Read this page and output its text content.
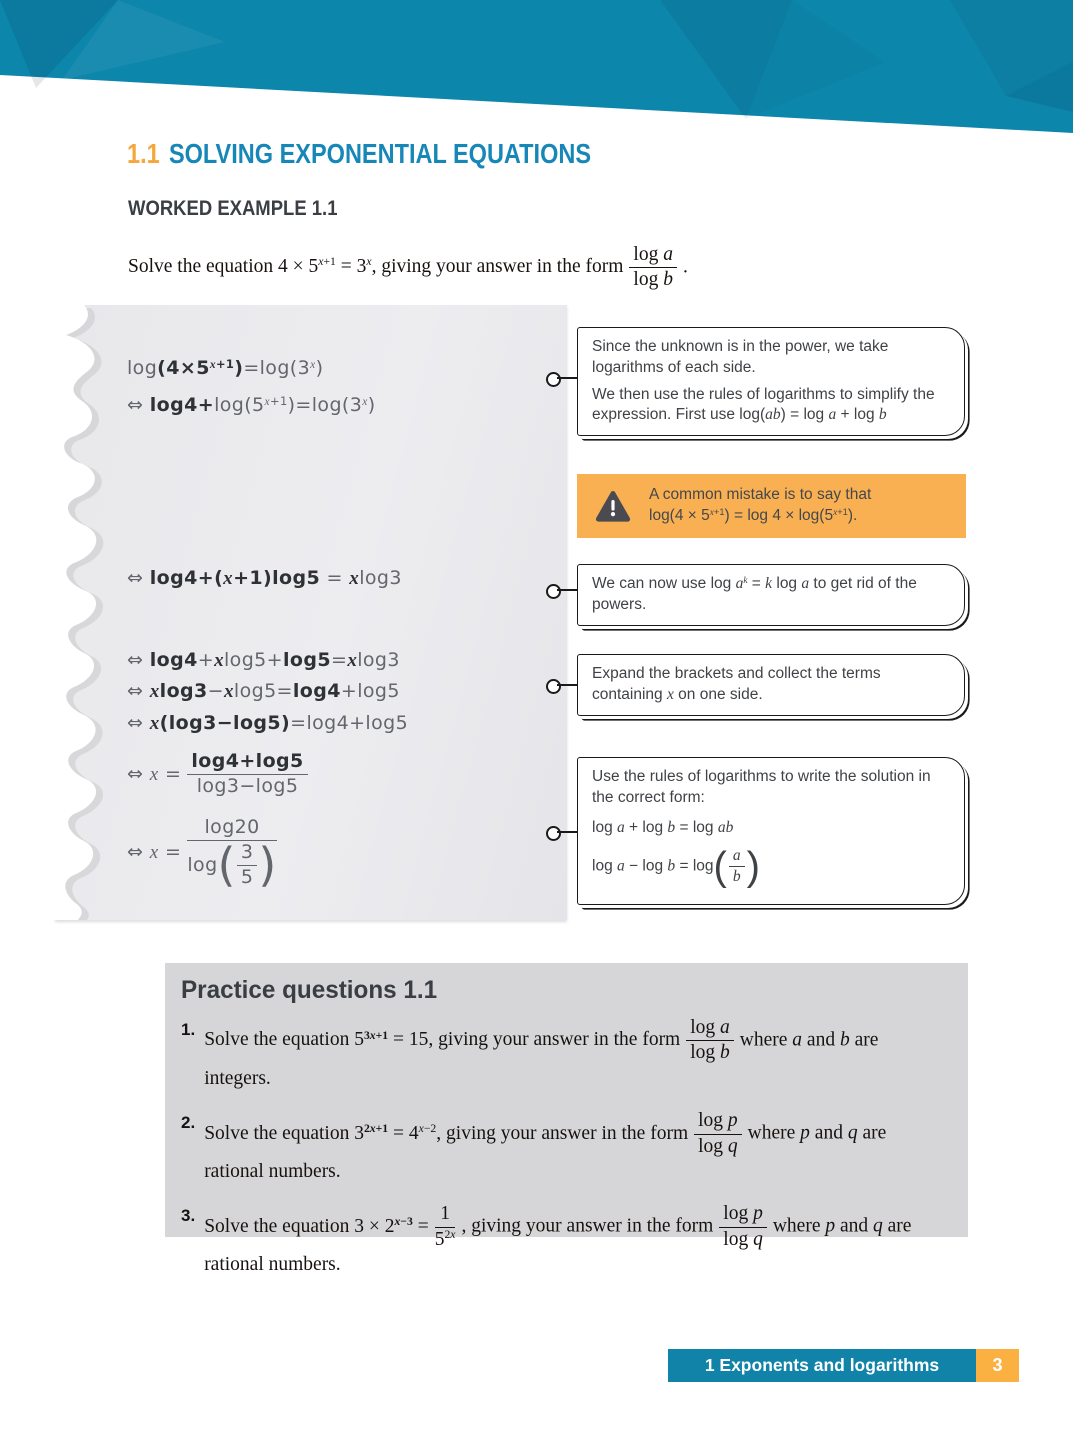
1.1 SOLVING EXPONENTIAL EQUATIONS
WORKED EXAMPLE 1.1

Solve the equation $4 \times 5^{x+1} = 3^x$, giving your answer in the form $\frac{\text{log a}}{\text{log b}}$ .

$\log(4\times 5^{x+1})=\log(3^x)$
⇔ $\log 4+\log(5^{x+1})=\log(3^x)$
⇔ log4+(x+1)log5 = xlog3
⇔ log4+xlog5+log5=xlog3
⇔ xlog3−xlog5=log4+log5
⇔ x(log3−log5)=log4+log5
⇔ $x = \frac{\log 4+\log 5}{\log 3-\log 5}$
⇔ $x = \frac{\log 20}{\log( \frac{3}{5} )}$

Since the unknown is in the power, we take logarithms of each side.

We then use the rules of logarithms to simplify the expression. First use log(ab) = log a + log b

A common mistake is to say that
$\log(4 \times 5^{x+1}) = \log 4 \times \log(5^{x+1})$.

We can now use $\log a^k = k$ log a to get rid of the powers.

Expand the brackets and collect the terms containing x on one side.

Use the rules of logarithms to write the solution in the correct form:

log a + log b = log ab

$\log a - \log b = \log( \frac{a}{b}$ )

Practice questions 1.1
1. Solve the equation $5^{3x+1} = 15$, giving your answer in the form $\frac{\text{log a}}{\text{log b}}$ where a and b are integers.
2. Solve the equation $3^{2x+1} = 4^{x-2}$, giving your answer in the form $\frac{\text{log p}}{\text{log q}}$ where p and q are rational numbers.
3. Solve the equation $3 \times 2^{x-3} = \frac{1}{5^{2x}}$ , giving your answer in the form $\frac{\text{log p}}{\text{log q}}$ where p and q are rational numbers.
1 Exponents and logarithms	3
